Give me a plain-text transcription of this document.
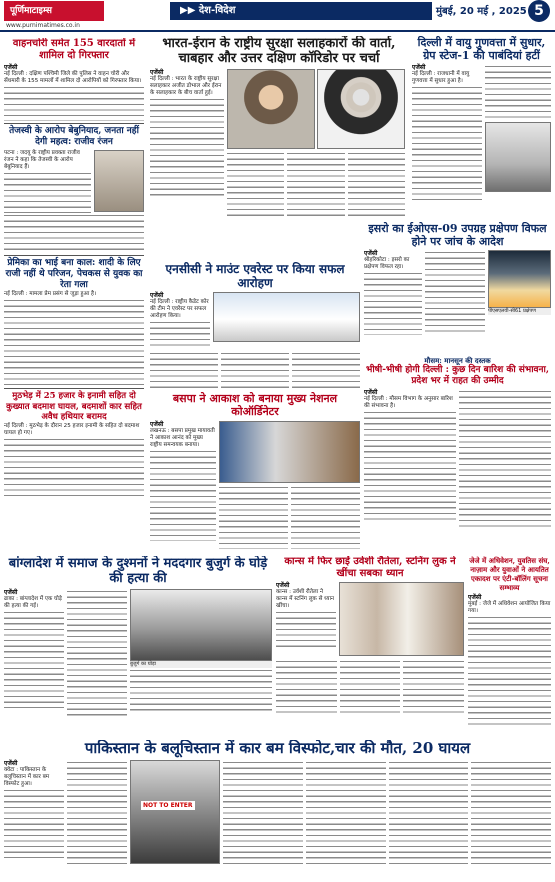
पूर्णिमाटाइम्स
www.purnimatimes.co.in
▶▶ देश-विदेश	मुंबई, 20 मई , 2025 5
वाहनचोरी समेत 155 वारदातों में शामिल दो गिरफ्तार
एजेंसी
नई दिल्ली : दक्षिण पश्चिमी जिले की पुलिस ने वाहन चोरी और सेंधमारी के 155 मामलों में शामिल दो आरोपियों को गिरफ्तार किया।
तेजस्वी के आरोप बेबुनियाद, जनता नहीं देगी महत्व: राजीव रंजन
पटना : जदयू के राष्ट्रीय प्रवक्ता राजीव रंजन ने कहा कि तेजस्वी के आरोप बेबुनियाद हैं।
प्रेमिका का भाई बना काल: शादी के लिए राजी नहीं थे परिजन, पेचकस से युवक का रेता गला
नई दिल्ली : मामला प्रेम प्रसंग से जुड़ा हुआ है।
मुठभेड़ में 25 हजार के इनामी सहित दो कुख्यात बदमाश घायल, बदमाशों कार सहित अवैध हथियार बरामद
नई दिल्ली : मुठभेड़ के दौरान 25 हजार इनामी के सहित दो बदमाश घायल हो गए।
भारत-ईरान के राष्ट्रीय सुरक्षा सलाहकारों की वार्ता, चाबहार और उत्तर दक्षिण कॉरिडोर पर चर्चा
एजेंसी
नई दिल्ली : भारत के राष्ट्रीय सुरक्षा सलाहकार अजीत डोभाल और ईरान के सलाहकार के बीच वार्ता हुई।
दिल्ली में वायु गुणवत्ता में सुधार, ग्रेप स्टेज-1 की पाबंदियां हटीं
एजेंसी
नई दिल्ली : राजधानी में वायु गुणवत्ता में सुधार हुआ है।
एनसीसी ने माउंट एवरेस्ट पर किया सफल आरोहण
एजेंसी
नई दिल्ली : राष्ट्रीय कैडेट कोर की टीम ने एवरेस्ट पर सफल आरोहण किया।
इसरो का ईओएस-09 उपग्रह प्रक्षेपण विफल होने पर जांच के आदेश
एजेंसी
श्रीहरिकोटा : इसरो का प्रक्षेपण विफल रहा।
पीएसएलवी-सी61 प्रक्षेपण
मौसम: मानसून की दस्तक
भीषी-भीषी होगी दिल्ली : कुछ दिन बारिश की संभावना, प्रदेश भर में राहत की उम्मीद
एजेंसी
नई दिल्ली : मौसम विभाग के अनुसार बारिश की संभावना है।
बसपा ने आकाश को बनाया मुख्य नेशनल कोऑर्डिनेटर
एजेंसी
लखनऊ : बसपा प्रमुख मायावती ने आकाश आनंद को मुख्य राष्ट्रीय समन्वयक बनाया।
बांग्लादेश में समाज के दुश्मनों ने मददगार बुजुर्ग के घोड़े की हत्या की
एजेंसी
ढाका : बांग्लादेश में एक घोड़े की हत्या की गई।
बुजुर्ग का घोड़ा
कान्स में फिर छाईं उर्वशी रौतेला, स्टनिंग लुक ने खींचा सबका ध्यान
एजेंसी
कान्स : उर्वशी रौतेला ने कान्स में स्टनिंग लुक से ध्यान खींचा।
जेजे में अधिवेशन, युवतिस संघ, नाज़ाम और युवाओं ने आयतित एकादश पर एंटी-बॉलिंग सूचना सम्भाव्य
एजेंसी
मुंबई : जेजे में अधिवेशन आयोजित किया गया।
पाकिस्तान के बलूचिस्तान में कार बम विस्फोट,चार की मौत, 20 घायल
एजेंसी
क्वेटा : पाकिस्तान के बलूचिस्तान में कार बम विस्फोट हुआ।
NOT TO ENTER
